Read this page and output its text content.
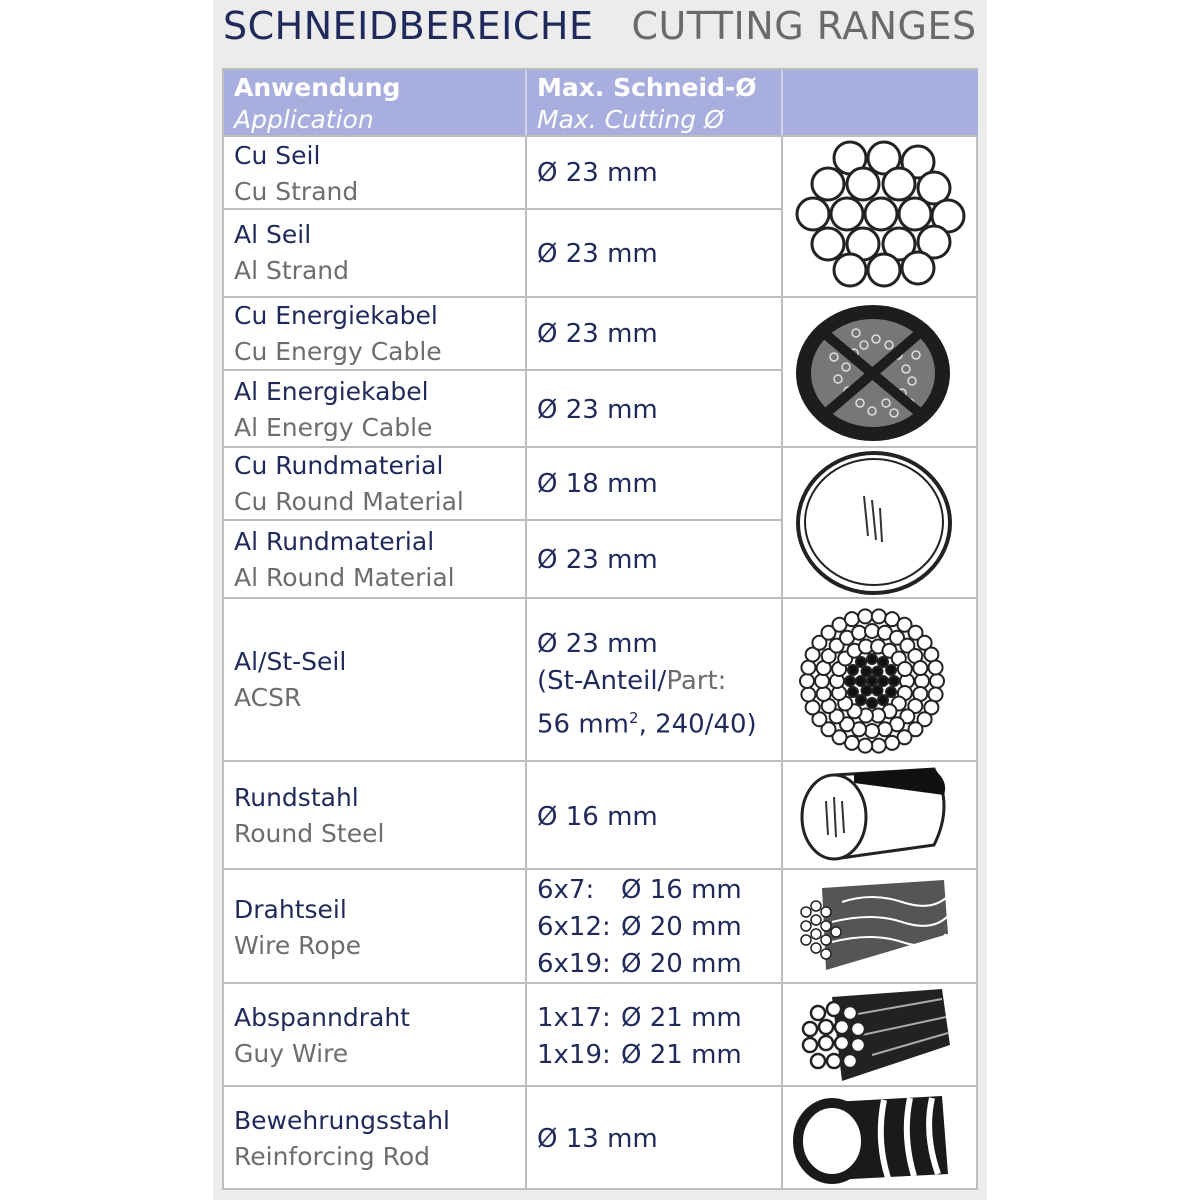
SCHNEIDBEREICHE CUTTING RANGES
Anwendung
Application
Max. Schneid-Ø
Max. Cutting Ø
Cu Seil
Cu Strand
Ø 23 mm
Al Seil
Al Strand
Ø 23 mm
Cu Energiekabel
Cu Energy Cable
Ø 23 mm
Al Energiekabel
Al Energy Cable
Ø 23 mm
Cu Rundmaterial
Cu Round Material
Ø 18 mm
Al Rundmaterial
Al Round Material
Ø 23 mm
Al/St-Seil
ACSR
Ø 23 mm
(St-Anteil/Part:
56 $mm^2$, 240/40)
Rundstahl
Round Steel
Ø 16 mm
Drahtseil
Wire Rope
6x7: Ø 16 mm
6x12: Ø 20 mm
6x19: Ø 20 mm
Abspanndraht
Guy Wire
1x17: Ø 21 mm
1x19: Ø 21 mm
Bewehrungsstahl
Reinforcing Rod
Ø 13 mm
